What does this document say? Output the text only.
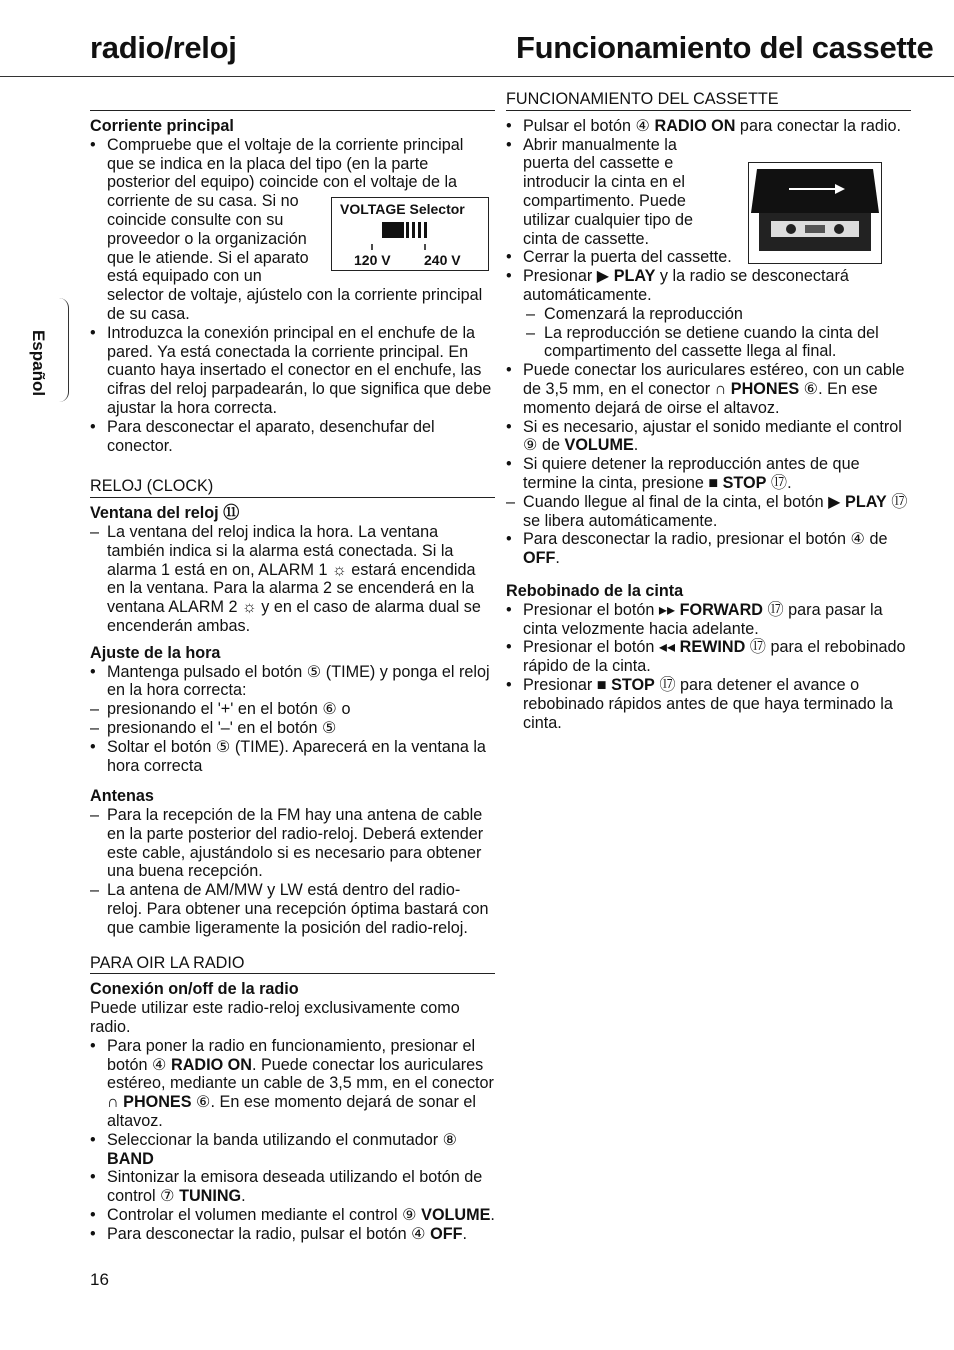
radio/reloj	Funcionamiento del cassette
Español
VOLTAGE Selector
120 V 240 V
Corriente principal
• Compruebe que el voltaje de la corriente principal
que se indica en la placa del tipo (en la parte
posterior del equipo) coincide con el voltaje de la
corriente de su casa. Si no
coincide consulte con su
proveedor o la organización
que le atiende. Si el aparato
está equipado con un
selector de voltaje, ajústelo con la corriente principal
de su casa.
• Introduzca la conexión principal en el enchufe de la pared. Ya está conectada la corriente principal. En cuanto haya insertado el conector en el enchufe, las cifras del reloj parpadearán, lo que significa que debe ajustar la hora correcta.
• Para desconectar el aparato, desenchufar del conector.
RELOJ (CLOCK)
Ventana del reloj ⑪
– La ventana del reloj indica la hora. La ventana también indica si la alarma está conectada. Si la alarma 1 está en on, ALARM 1 ☼ estará encendida en la ventana. Para la alarma 2 se encenderá en la ventana ALARM 2 ☼ y en el caso de alarma dual se encenderán ambas.
Ajuste de la hora
• Mantenga pulsado el botón ⑤ (TIME) y ponga el reloj en la hora correcta:
– presionando el '+' en el botón ⑥ o
– presionando el '–' en el botón ⑤
• Soltar el botón ⑤ (TIME). Aparecerá en la ventana la hora correcta
Antenas
– Para la recepción de la FM hay una antena de cable en la parte posterior del radio-reloj. Deberá extender este cable, ajustándolo si es necesario para obtener una buena recepción.
– La antena de AM/MW y LW está dentro del radio-reloj. Para obtener una recepción óptima bastará con que cambie ligeramente la posición del radio-reloj.
PARA OIR LA RADIO
Conexión on/off de la radio
Puede utilizar este radio-reloj exclusivamente como radio.
• Para poner la radio en funcionamiento, presionar el botón ④ RADIO ON. Puede conectar los auriculares estéreo, mediante un cable de 3,5 mm, en el conector ∩ PHONES ⑥. En ese momento dejará de sonar el altavoz.
• Seleccionar la banda utilizando el conmutador ⑧ BAND
• Sintonizar la emisora deseada utilizando el botón de control ⑦ TUNING.
• Controlar el volumen mediante el control ⑨ VOLUME.
• Para desconectar la radio, pulsar el botón ④ OFF.
FUNCIONAMIENTO DEL CASSETTE
• Pulsar el botón ④ RADIO ON para conectar la radio.
• Abrir manualmente la
puerta del cassette e
introducir la cinta en el
compartimento. Puede
utilizar cualquier tipo de
cinta de cassette.
• Cerrar la puerta del cassette.
• Presionar ▶ PLAY y la radio se desconectará automáticamente.
– Comenzará la reproducción
– La reproducción se detiene cuando la cinta del compartimento del cassette llega al final.
• Puede conectar los auriculares estéreo, con un cable de 3,5 mm, en el conector ∩ PHONES ⑥. En ese momento dejará de oirse el altavoz.
• Si es necesario, ajustar el sonido mediante el control ⑨ de VOLUME.
• Si quiere detener la reproducción antes de que termine la cinta, presione ■ STOP ⑰.
– Cuando llegue al final de la cinta, el botón ▶ PLAY ⑰ se libera automáticamente.
• Para desconectar la radio, presionar el botón ④ de OFF.
Rebobinado de la cinta
• Presionar el botón ▸▸ FORWARD ⑰ para pasar la cinta velozmente hacia adelante.
• Presionar el botón ◂◂ REWIND ⑰ para el rebobinado rápido de la cinta.
• Presionar ■ STOP ⑰ para detener el avance o rebobinado rápidos antes de que haya terminado la cinta.
16
